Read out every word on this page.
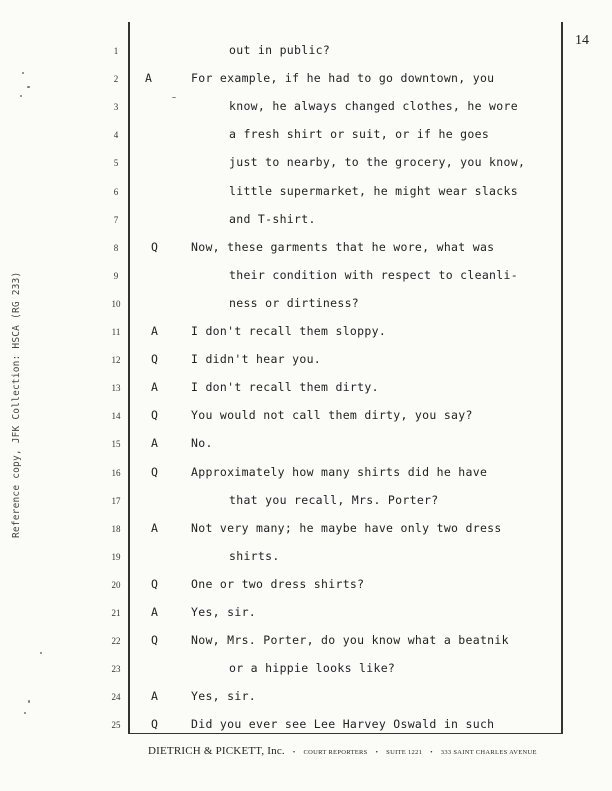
14
Reference copy, JFK Collection: HSCA (RG 233)
1	out in public?
2	A	For example, if he had to go downtown, you
3	know, he always changed clothes, he wore
4	a fresh shirt or suit, or if he goes
5	just to nearby, to the grocery, you know,
6	little supermarket, he might wear slacks
7	and T-shirt.
8	Q	Now, these garments that he wore, what was
9	their condition with respect to cleanli-
10	ness or dirtiness?
11	A	I don't recall them sloppy.
12	Q	I didn't hear you.
13	A	I don't recall them dirty.
14	Q	You would not call them dirty, you say?
15	A	No.
16	Q	Approximately how many shirts did he have
17	that you recall, Mrs. Porter?
18	A	Not very many; he maybe have only two dress
19	shirts.
20	Q	One or two dress shirts?
21	A	Yes, sir.
22	Q	Now, Mrs. Porter, do you know what a beatnik
23	or a hippie looks like?
24	A	Yes, sir.
25	Q	Did you ever see Lee Harvey Oswald in such
DIETRICH & PICKETT, Inc. • COURT REPORTERS • SUITE 1221 • 333 SAINT CHARLES AVENUE
